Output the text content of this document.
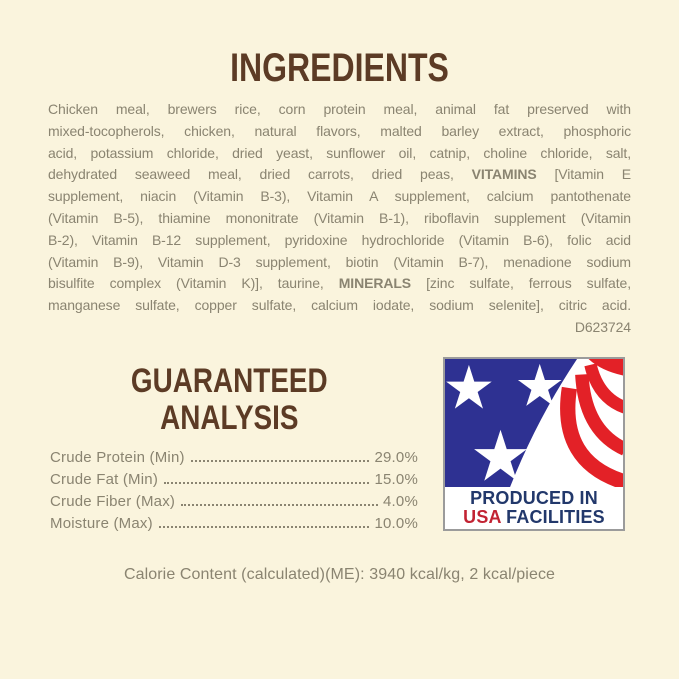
INGREDIENTS
Chicken meal, brewers rice, corn protein meal, animal fat preserved with
mixed-tocopherols, chicken, natural flavors, malted barley extract, phosphoric
acid, potassium chloride, dried yeast, sunflower oil, catnip, choline chloride, salt,
dehydrated seaweed meal, dried carrots, dried peas, VITAMINS [Vitamin E
supplement, niacin (Vitamin B-3), Vitamin A supplement, calcium pantothenate
(Vitamin B-5), thiamine mononitrate (Vitamin B-1), riboflavin supplement (Vitamin
B-2), Vitamin B-12 supplement, pyridoxine hydrochloride (Vitamin B-6), folic acid
(Vitamin B-9), Vitamin D-3 supplement, biotin (Vitamin B-7), menadione sodium
bisulfite complex (Vitamin K)], taurine, MINERALS [zinc sulfate, ferrous sulfate,
manganese sulfate, copper sulfate, calcium iodate, sodium selenite], citric acid.
D623724
GUARANTEED
ANALYSIS
Crude Protein (Min)	29.0%
Crude Fat (Min)	15.0%
Crude Fiber (Max)	4.0%
Moisture (Max)	10.0%
PRODUCED IN
USA FACILITIES
Calorie Content (calculated)(ME): 3940 kcal/kg, 2 kcal/piece
